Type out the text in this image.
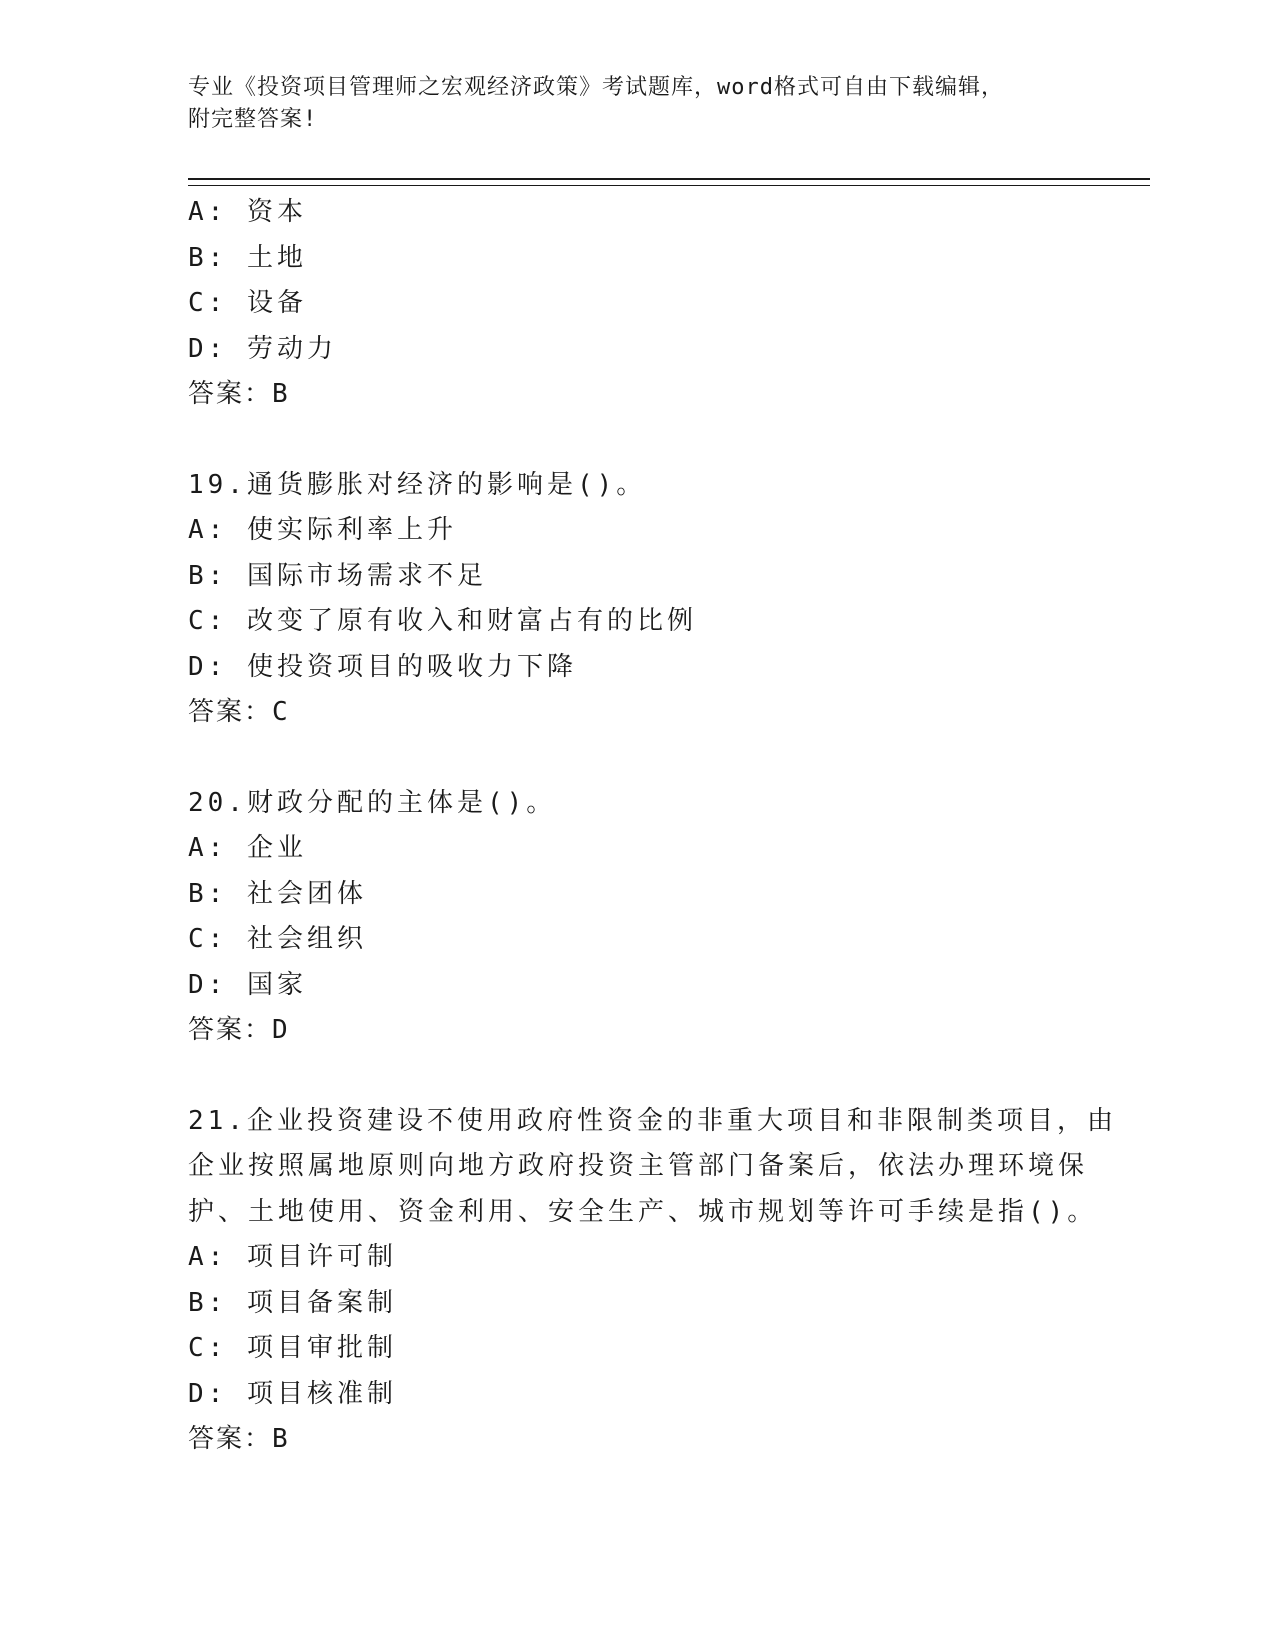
专业《投资项目管理师之宏观经济政策》考试题库，word格式可自由下载编辑，
附完整答案!
A: 资本
B: 土地
C: 设备
D: 劳动力
答案：B
19.通货膨胀对经济的影响是()。
A: 使实际利率上升
B: 国际市场需求不足
C: 改变了原有收入和财富占有的比例
D: 使投资项目的吸收力下降
答案：C
20.财政分配的主体是()。
A: 企业
B: 社会团体
C: 社会组织
D: 国家
答案：D
21.企业投资建设不使用政府性资金的非重大项目和非限制类项目，由
企业按照属地原则向地方政府投资主管部门备案后，依法办理环境保
护、土地使用、资金利用、安全生产、城市规划等许可手续是指()。
A: 项目许可制
B: 项目备案制
C: 项目审批制
D: 项目核准制
答案：B
